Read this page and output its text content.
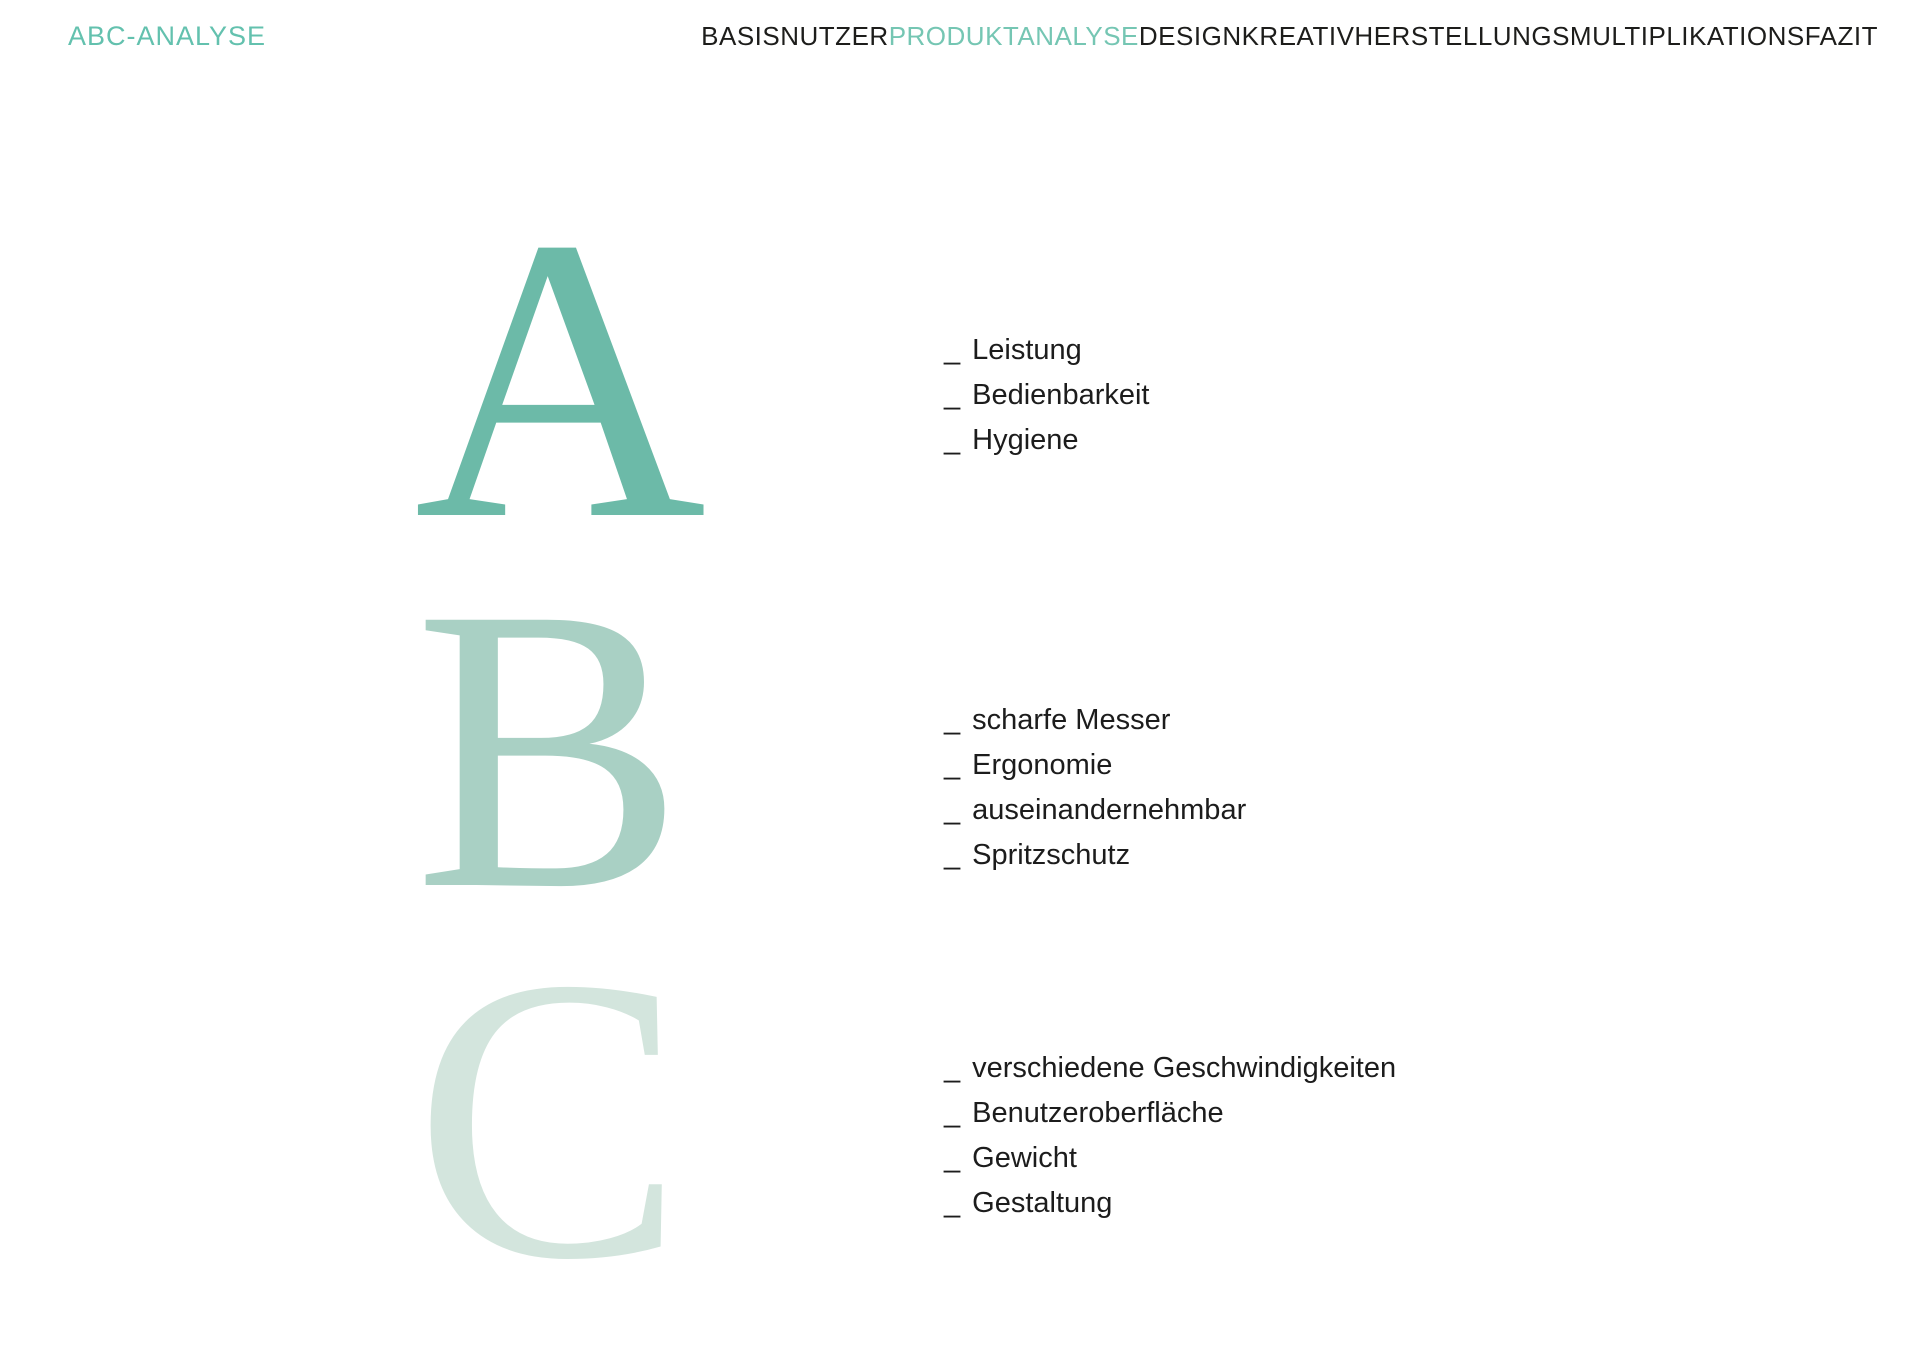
ABC-ANALYSE	BASISNUTZERPRODUKTANALYSEDESIGNKREATIVHERSTELLUNGSMULTIPLIKATIONSFAZIT
A	_ Leistung
_ Bedienbarkeit
_ Hygiene
B	_ scharfe Messer
_ Ergonomie
_ auseinandernehmbar
_ Spritzschutz
C	_ verschiedene Geschwindigkeiten
_ Benutzeroberfläche
_ Gewicht
_ Gestaltung
